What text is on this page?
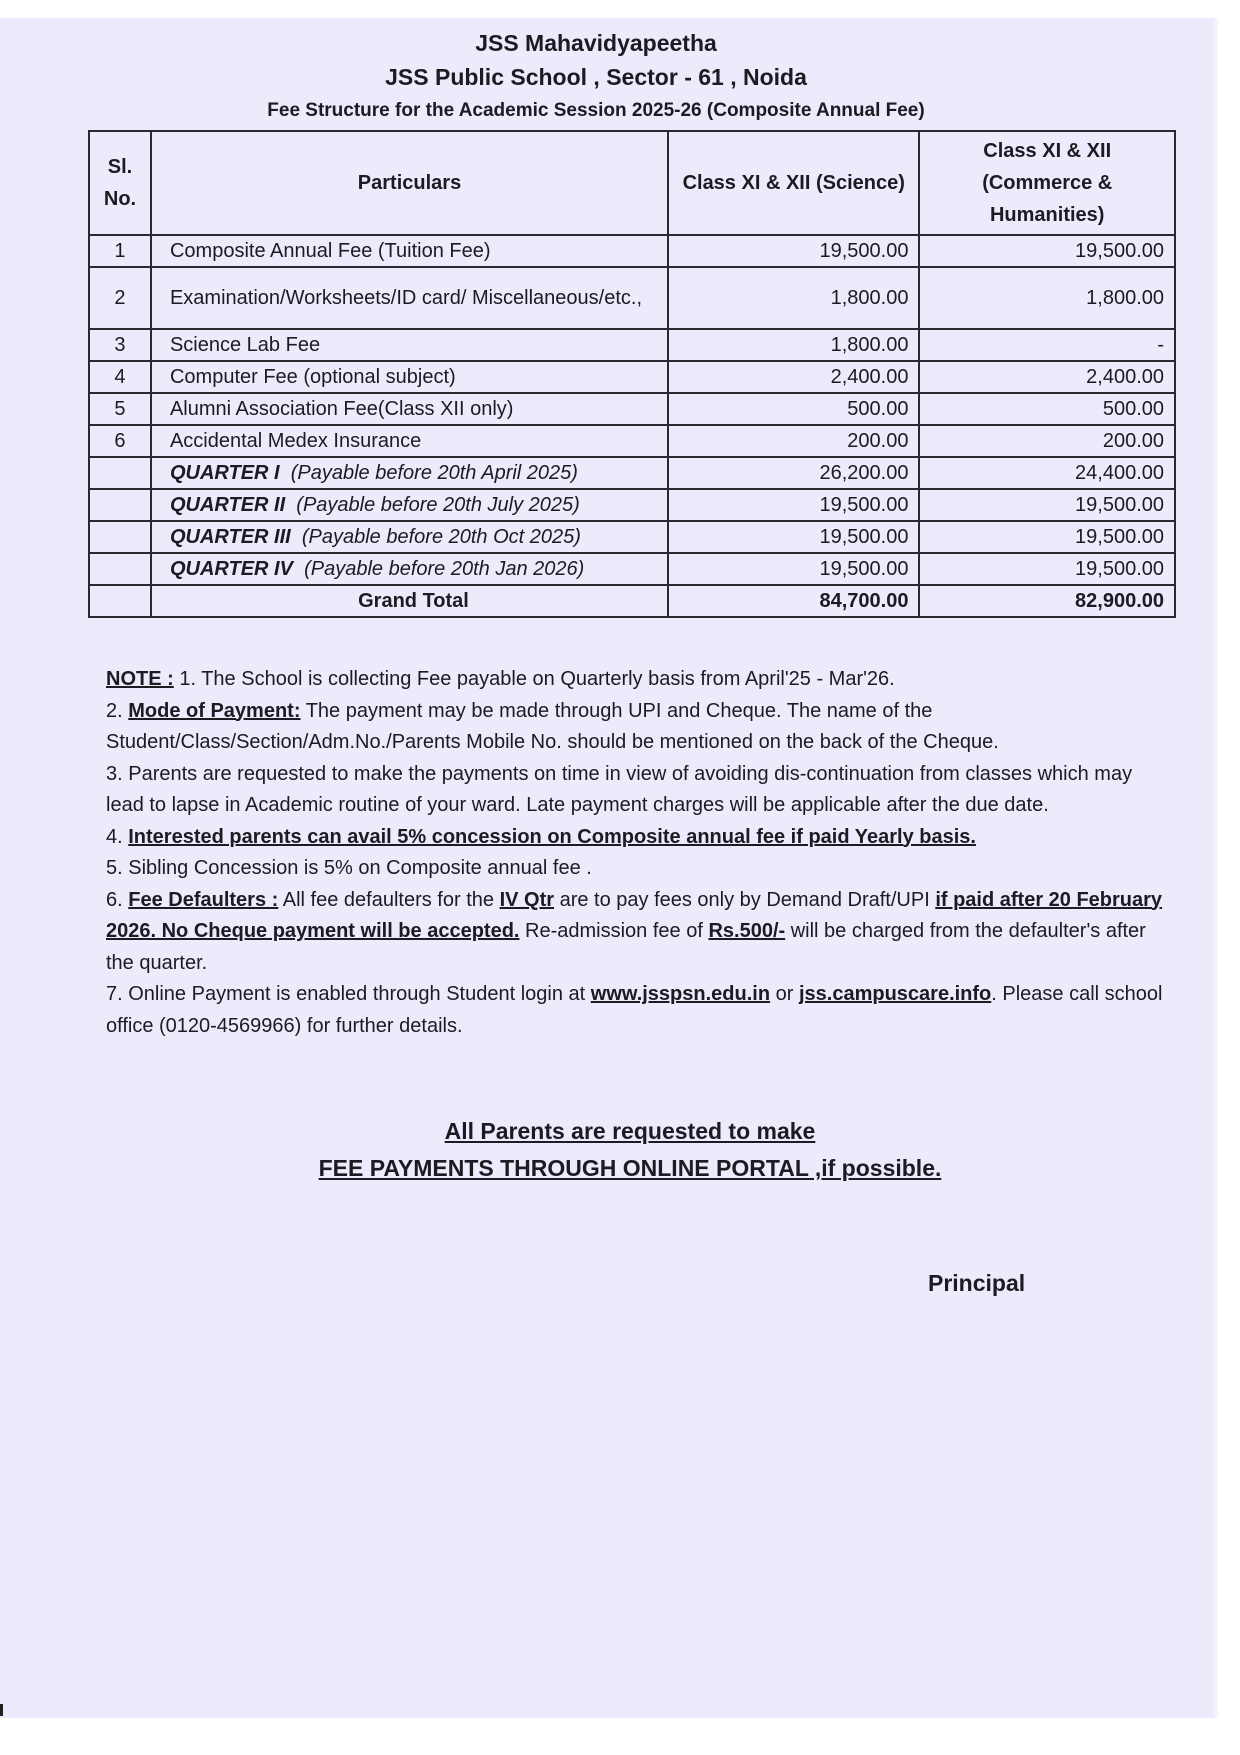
JSS Mahavidyapeetha
JSS Public School , Sector - 61 , Noida
Fee Structure for the Academic Session 2025-26 (Composite Annual Fee)
Sl. No.	Particulars	Class XI & XII (Science)	Class XI & XII (Commerce & Humanities)
1	Composite Annual Fee (Tuition Fee)	19,500.00	19,500.00
2	Examination/Worksheets/ID card/ Miscellaneous/etc.,	1,800.00	1,800.00
3	Science Lab Fee	1,800.00	-
4	Computer Fee (optional subject)	2,400.00	2,400.00
5	Alumni Association Fee(Class XII only)	500.00	500.00
6	Accidental Medex Insurance	200.00	200.00
	QUARTER I (Payable before 20th April 2025)	26,200.00	24,400.00
	QUARTER II (Payable before 20th July 2025)	19,500.00	19,500.00
	QUARTER III (Payable before 20th Oct 2025)	19,500.00	19,500.00
	QUARTER IV (Payable before 20th Jan 2026)	19,500.00	19,500.00
	Grand Total	84,700.00	82,900.00

NOTE : 1. The School is collecting Fee payable on Quarterly basis from April'25 - Mar'26.

2. Mode of Payment: The payment may be made through UPI and Cheque. The name of the Student/Class/Section/Adm.No./Parents Mobile No. should be mentioned on the back of the Cheque.

3. Parents are requested to make the payments on time in view of avoiding dis-continuation from classes which may lead to lapse in Academic routine of your ward. Late payment charges will be applicable after the due date.

4. Interested parents can avail 5% concession on Composite annual fee if paid Yearly basis.

5. Sibling Concession is 5% on Composite annual fee .

6. Fee Defaulters : All fee defaulters for the IV Qtr are to pay fees only by Demand Draft/UPI if paid after 20 February 2026. No Cheque payment will be accepted. Re-admission fee of Rs.500/- will be charged from the defaulter's after the quarter.

7. Online Payment is enabled through Student login at www.jsspsn.edu.in or jss.campuscare.info. Please call school office (0120-4569966) for further details.

All Parents are requested to make
FEE PAYMENTS THROUGH ONLINE PORTAL ,if possible.
Principal
